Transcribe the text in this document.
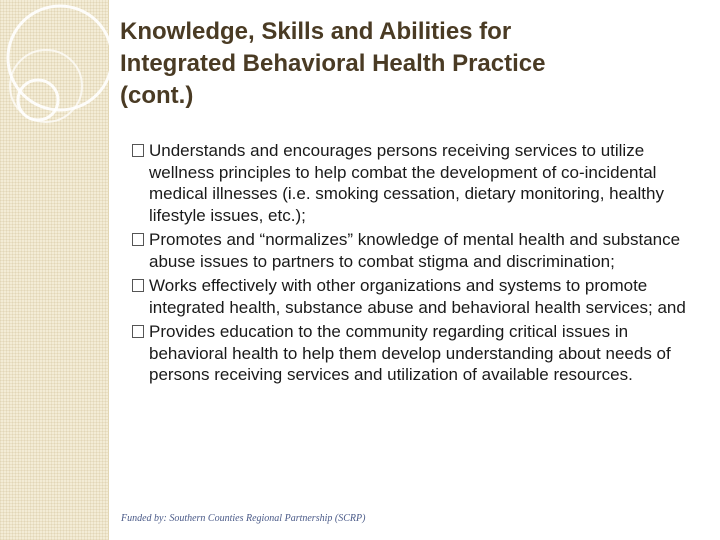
Knowledge, Skills and Abilities for
Integrated Behavioral Health Practice
(cont.)
Understands and encourages persons receiving services to utilize wellness principles to help combat the development of co-incidental medical illnesses (i.e. smoking cessation, dietary monitoring, healthy lifestyle issues, etc.);
Promotes and “normalizes” knowledge of mental health and substance abuse issues to partners to combat stigma and discrimination;
Works effectively with other organizations and systems to promote integrated health, substance abuse and behavioral health services; and
Provides education to the community regarding critical issues in behavioral health to help them develop understanding about needs of persons receiving services and utilization of available resources.
Funded by: Southern Counties Regional Partnership (SCRP)
